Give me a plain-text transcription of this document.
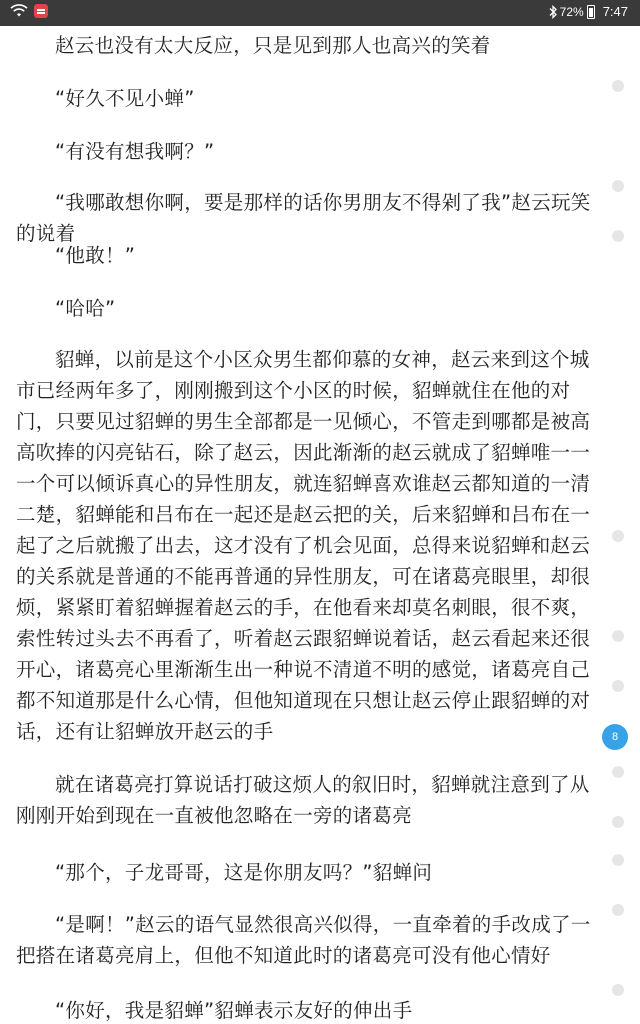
72% 7:47

赵云也没有太大反应，只是见到那人也高兴的笑着

“好久不见小蝉”

“有没有想我啊？”

“我哪敢想你啊，要是那样的话你男朋友不得剁了我”赵云玩笑的说着

“他敢！”

“哈哈”

貂蝉，以前是这个小区众男生都仰慕的女神，赵云来到这个城市已经两年多了，刚刚搬到这个小区的时候，貂蝉就住在他的对门，只要见过貂蝉的男生全部都是一见倾心，不管走到哪都是被高高吹捧的闪亮钻石，除了赵云，因此渐渐的赵云就成了貂蝉唯一一一个可以倾诉真心的异性朋友，就连貂蝉喜欢谁赵云都知道的一清二楚，貂蝉能和吕布在一起还是赵云把的关，后来貂蝉和吕布在一起了之后就搬了出去，这才没有了机会见面，总得来说貂蝉和赵云的关系就是普通的不能再普通的异性朋友，可在诸葛亮眼里，却很烦，紧紧盯着貂蝉握着赵云的手，在他看来却莫名刺眼，很不爽，索性转过头去不再看了，听着赵云跟貂蝉说着话，赵云看起来还很开心，诸葛亮心里渐渐生出一种说不清道不明的感觉，诸葛亮自己都不知道那是什么心情，但他知道现在只想让赵云停止跟貂蝉的对话，还有让貂蝉放开赵云的手

就在诸葛亮打算说话打破这烦人的叙旧时，貂蝉就注意到了从刚刚开始到现在一直被他忽略在一旁的诸葛亮

“那个，子龙哥哥，这是你朋友吗？”貂蝉问

“是啊！”赵云的语气显然很高兴似得，一直牵着的手改成了一把搭在诸葛亮肩上，但他不知道此时的诸葛亮可没有他心情好

“你好，我是貂蝉”貂蝉表示友好的伸出手

8
